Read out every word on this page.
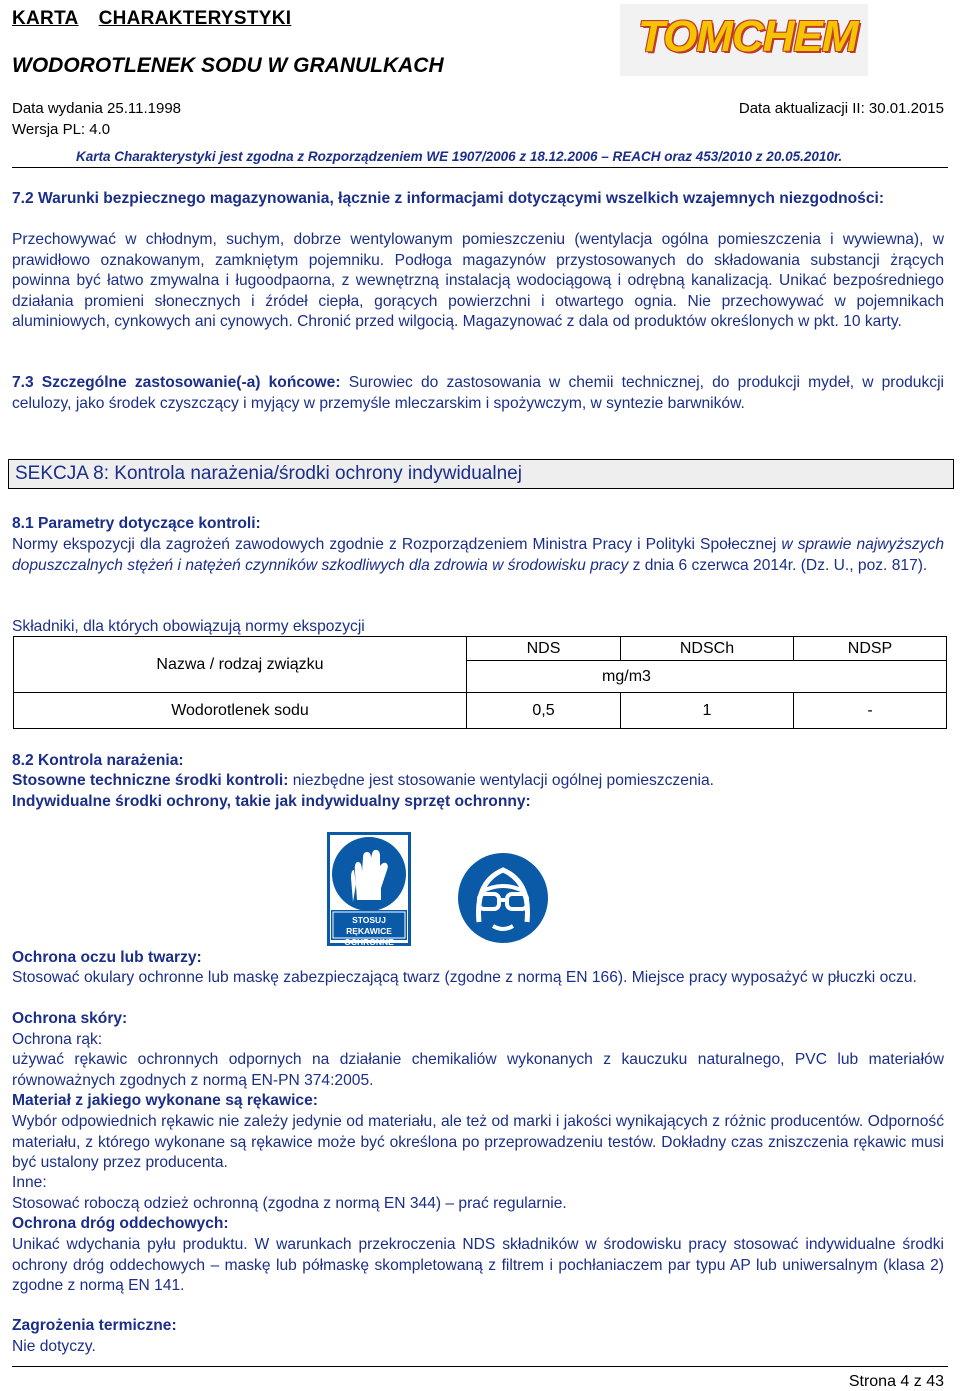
KARTA CHARAKTERYSTYKI
WODOROTLENEK SODU W GRANULKACH
TOMCHEM
Data wydania 25.11.1998	Data aktualizacji II: 30.01.2015
Wersja PL: 4.0
Karta Charakterystyki jest zgodna z Rozporządzeniem WE 1907/2006 z 18.12.2006 – REACH oraz 453/2010 z 20.05.2010r.

7.2 Warunki bezpiecznego magazynowania, łącznie z informacjami dotyczącymi wszelkich wzajemnych niezgodności:

Przechowywać w chłodnym, suchym, dobrze wentylowanym pomieszczeniu (wentylacja ogólna pomieszczenia i wywiewna), w prawidłowo oznakowanym, zamkniętym pojemniku. Podłoga magazynów przystosowanych do składowania substancji żrących powinna być łatwo zmywalna i ługoodpaorna, z wewnętrzną instalacją wodociągową i odrębną kanalizacją. Unikać bezpośredniego działania promieni słonecznych i źródeł ciepła, gorących powierzchni i otwartego ognia. Nie przechowywać w pojemnikach aluminiowych, cynkowych ani cynowych. Chronić przed wilgocią. Magazynować z dala od produktów określonych w pkt. 10 karty.

7.3 Szczególne zastosowanie(-a) końcowe: Surowiec do zastosowania w chemii technicznej, do produkcji mydeł, w produkcji celulozy, jako środek czyszczący i myjący w przemyśle mleczarskim i spożywczym, w syntezie barwników.

SEKCJA 8: Kontrola narażenia/środki ochrony indywidualnej

8.1 Parametry dotyczące kontroli:

Normy ekspozycji dla zagrożeń zawodowych zgodnie z Rozporządzeniem Ministra Pracy i Polityki Społecznej w sprawie najwyższych dopuszczalnych stężeń i natężeń czynników szkodliwych dla zdrowia w środowisku pracy z dnia 6 czerwca 2014r. (Dz. U., poz. 817).

Składniki, dla których obowiązują normy ekspozycji

Nazwa / rodzaj związku	NDS	NDSCh	NDSP
	mg/m3		
Wodorotlenek sodu	0,5	1	-

8.2 Kontrola narażenia:

Stosowne techniczne środki kontroli: niezbędne jest stosowanie wentylacji ogólnej pomieszczenia.

Indywidualne środki ochrony, takie jak indywidualny sprzęt ochronny:

STOSUJ RĘKAWICE
OCHRONNE

Ochrona oczu lub twarzy:

Stosować okulary ochronne lub maskę zabezpieczającą twarz (zgodne z normą EN 166). Miejsce pracy wyposażyć w płuczki oczu.

Ochrona skóry:

Ochrona rąk:

używać rękawic ochronnych odpornych na działanie chemikaliów wykonanych z kauczuku naturalnego, PVC lub materiałów równoważnych zgodnych z normą EN-PN 374:2005.

Materiał z jakiego wykonane są rękawice:

Wybór odpowiednich rękawic nie zależy jedynie od materiału, ale też od marki i jakości wynikających z różnic producentów. Odporność materiału, z którego wykonane są rękawice może być określona po przeprowadzeniu testów. Dokładny czas zniszczenia rękawic musi być ustalony przez producenta.

Inne:

Stosować roboczą odzież ochronną (zgodna z normą EN 344) – prać regularnie.

Ochrona dróg oddechowych:

Unikać wdychania pyłu produktu. W warunkach przekroczenia NDS składników w środowisku pracy stosować indywidualne środki ochrony dróg oddechowych – maskę lub półmaskę skompletowaną z filtrem i pochłaniaczem par typu AP lub uniwersalnym (klasa 2) zgodne z normą EN 141.

Zagrożenia termiczne:

Nie dotyczy.

Strona 4 z 43
